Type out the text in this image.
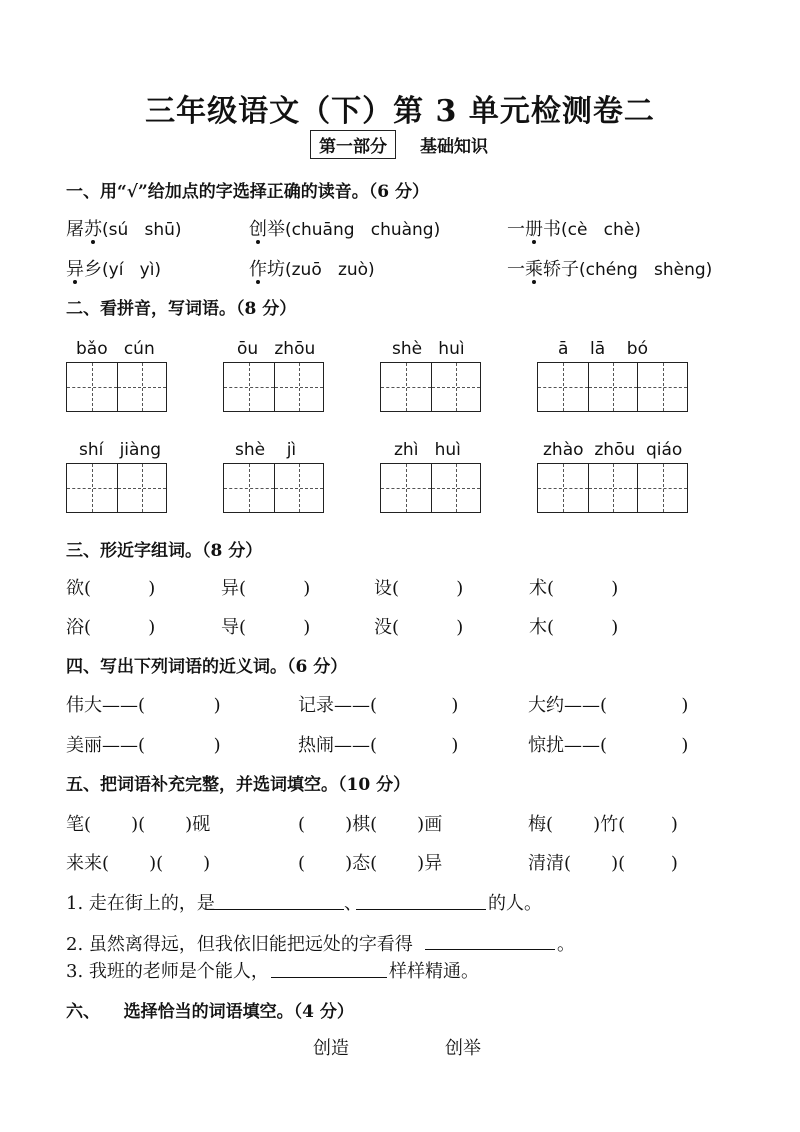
三年级语文（下）第 3 单元检测卷二
第一部分	基础知识
一、用“√”给加点的字选择正确的读音。（6 分）
屠苏(sú   shū)	创举(chuāng   chuàng)	一册书(cè   chè)
异乡(yí   yì)	作坊(zuō   zuò)	一乘轿子(chéng   shèng)
二、看拼音，写词语。（8 分）
bǎo   cún	ōu   zhōu	shè   huì	ā    lā    bó
shí   jiàng	shè    jì	zhì   huì	zhào  zhōu  qiáo
三、形近字组词。（8 分）
欲(          )	异(          )	设(          )	术(          )
浴(          )	导(          )	没(          )	木(          )
四、写出下列词语的近义词。（6 分）
伟大——(            )	记录——(             )	大约——(             )
美丽——(            )	热闹——(             )	惊扰——(             )
五、把词语补充完整，并选词填空。（10 分）
笔(       )(       )砚	(       )棋(       )画	梅(       )竹(        )
来来(       )(       )	(       )态(       )异	清清(       )(        )
1. 走在街上的，是	、	的人。
2. 虽然离得远，但我依旧能把远处的字看得	。
3. 我班的老师是个能人，	样样精通。
六、    选择恰当的词语填空。（4 分）
创造	创举
